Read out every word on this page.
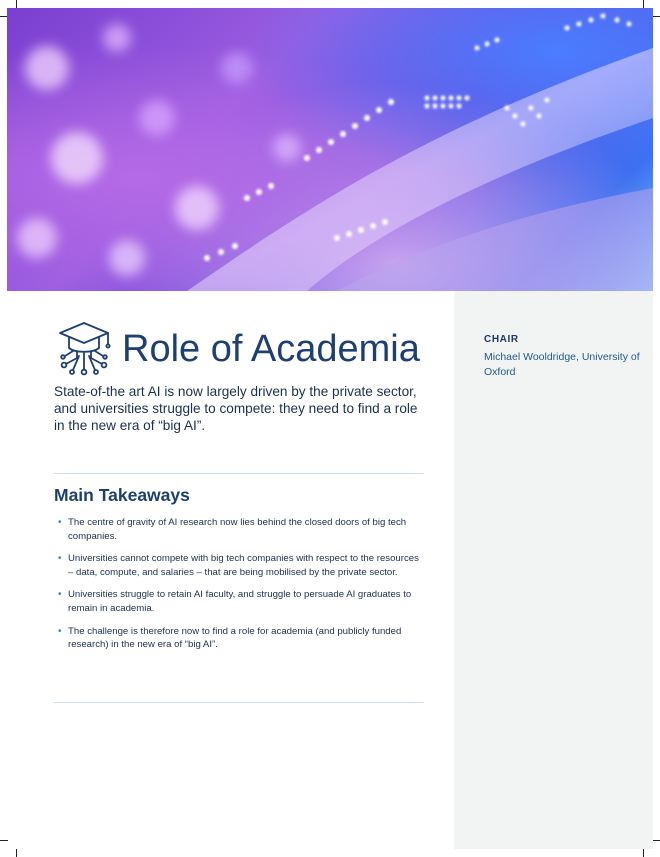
CHAIR

Michael Wooldridge, University of Oxford

Role of Academia

State-of-the art AI is now largely driven by the private sector, and universities struggle to compete: they need to find a role in the new era of “big AI”.

Main Takeaways
• The centre of gravity of AI research now lies behind the closed doors of big tech companies.
• Universities cannot compete with big tech companies with respect to the resources – data, compute, and salaries – that are being mobilised by the private sector.
• Universities struggle to retain AI faculty, and struggle to persuade AI graduates to remain in academia.
• The challenge is therefore now to find a role for academia (and publicly funded research) in the new era of “big AI”.
